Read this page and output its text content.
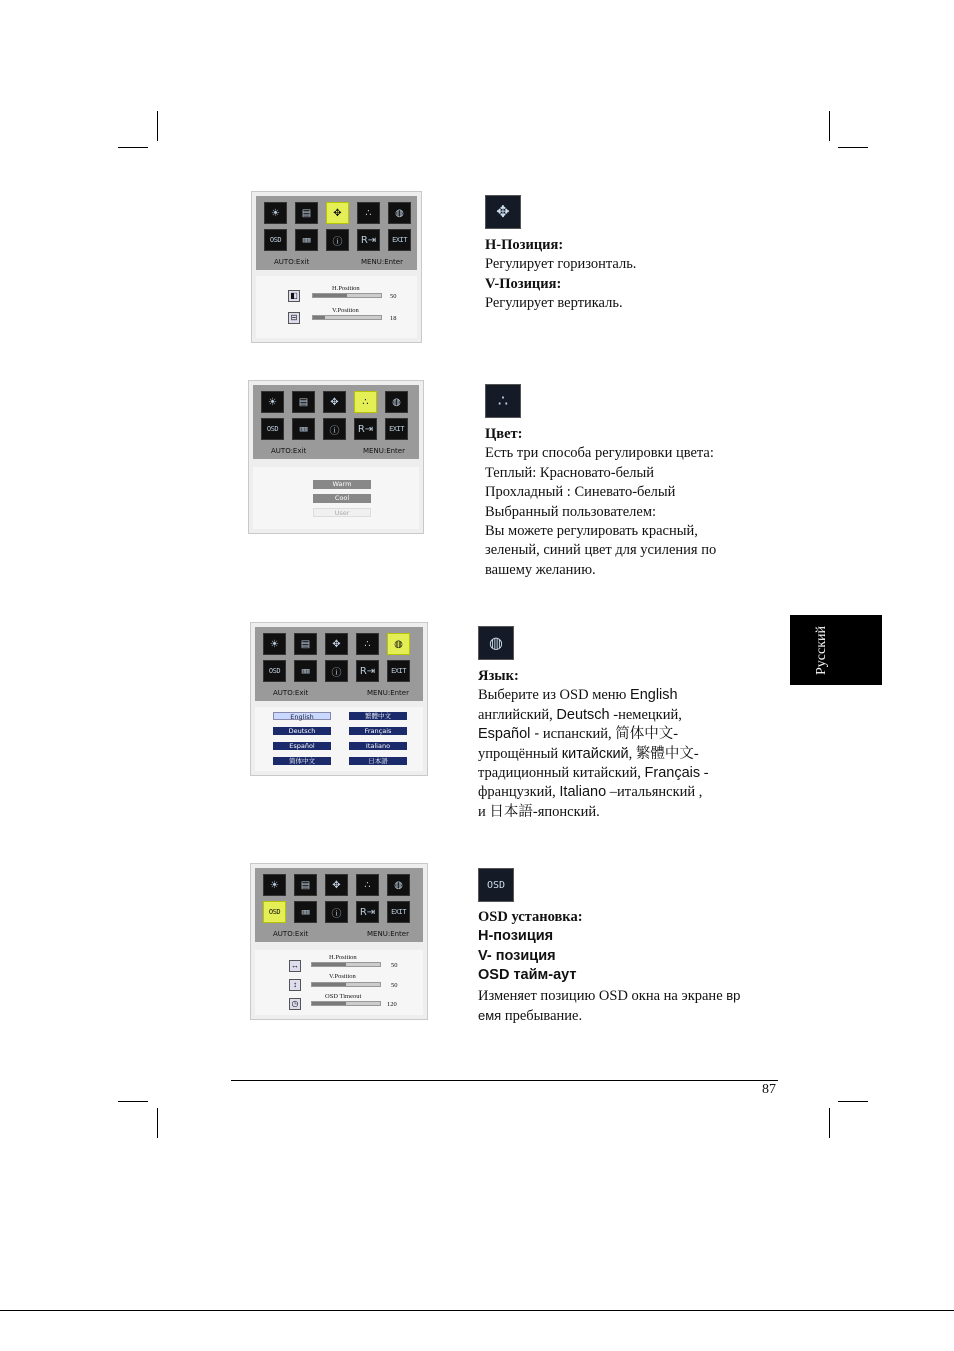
☀	▤	✥	∴	◍
OSD	▥▥	ⓘ	R⇥	EXIT
AUTO:Exit	MENU:Enter
◧
H.Position
50
⊟
V.Position
18
✥
H-Позиция:
Регулирует горизонталь.
V-Позиция:
Регулирует вертикаль.
☀	▤	✥	∴	◍
OSD	▥▥	ⓘ	R⇥	EXIT
AUTO:Exit	MENU:Enter
Warm
Cool
User
∴
Цвет:
Есть три способа регулировки цвета:
Теплый: Красновато-белый
Прохладный : Синевато-белый
Выбранный пользователем:
Вы можете регулировать красный,
зеленый, синий цвет для усиления по
вашему желанию.
☀	▤	✥	∴	◍
OSD	▥▥	ⓘ	R⇥	EXIT
AUTO:Exit	MENU:Enter
English	繁體中文
Deutsch	Français
Español	Italiano
简体中文	日本語
◍
Язык:
Выберите из OSD меню English
английский, Deutsch -немецкий,
Español - испанский, 简体中文-
упрощённый китайский, 繁體中文-
традиционный китайский, Français -
французкий, Italiano –итальянский ,
и 日本語-японский.
Русский
☀	▤	✥	∴	◍
OSD	▥▥	ⓘ	R⇥	EXIT
AUTO:Exit	MENU:Enter
↔
H.Position
50
↕
V.Position
50
◷
OSD Timeout
120
OSD
OSD установка:
H-позиция
V- позиция
OSD тайм-аут
Изменяет позицию OSD окна на экране вр
емя пребывание.
87
